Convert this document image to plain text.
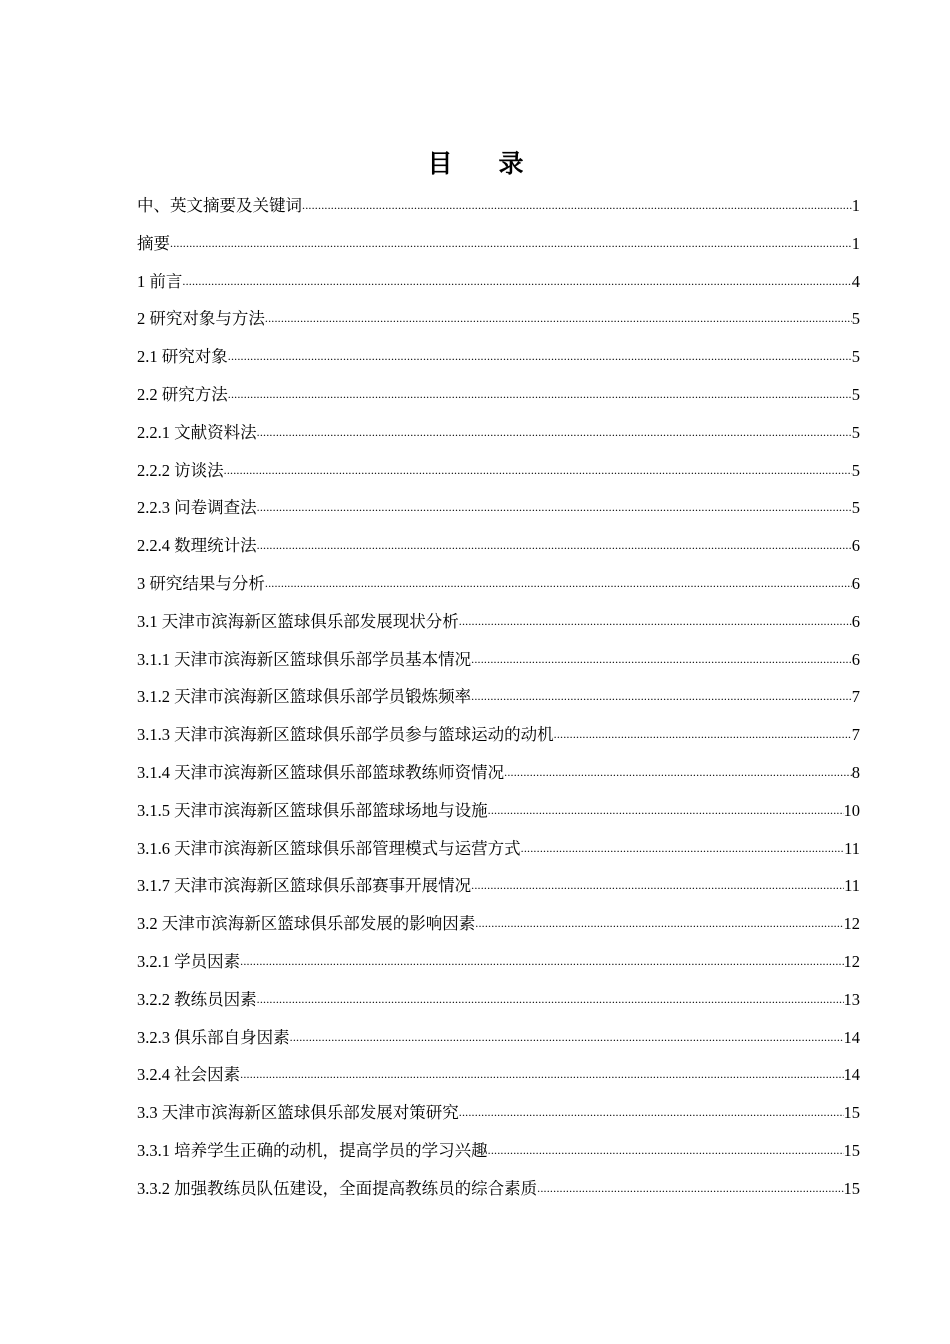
目录
中、英文摘要及关键词 .....	1
摘要 .....	1
1 前言 .....	4
2 研究对象与方法 .....	5
2.1 研究对象 .....	5
2.2 研究方法 .....	5
2.2.1 文献资料法 .....	5
2.2.2 访谈法 .....	5
2.2.3 问卷调查法 .....	5
2.2.4 数理统计法 .....	6
3 研究结果与分析 .....	6
3.1 天津市滨海新区篮球俱乐部发展现状分析 .....	6
3.1.1 天津市滨海新区篮球俱乐部学员基本情况 .....	6
3.1.2 天津市滨海新区篮球俱乐部学员锻炼频率 .....	7
3.1.3 天津市滨海新区篮球俱乐部学员参与篮球运动的动机 .....	7
3.1.4 天津市滨海新区篮球俱乐部篮球教练师资情况 .....	8
3.1.5 天津市滨海新区篮球俱乐部篮球场地与设施 .....	10
3.1.6 天津市滨海新区篮球俱乐部管理模式与运营方式 .....	11
3.1.7 天津市滨海新区篮球俱乐部赛事开展情况 .....	11
3.2 天津市滨海新区篮球俱乐部发展的影响因素 .....	12
3.2.1 学员因素 .....	12
3.2.2 教练员因素 .....	13
3.2.3 俱乐部自身因素 .....	14
3.2.4 社会因素 .....	14
3.3 天津市滨海新区篮球俱乐部发展对策研究 .....	15
3.3.1 培养学生正确的动机，提高学员的学习兴趣 .....	15
3.3.2 加强教练员队伍建设，全面提高教练员的综合素质 .....	15
